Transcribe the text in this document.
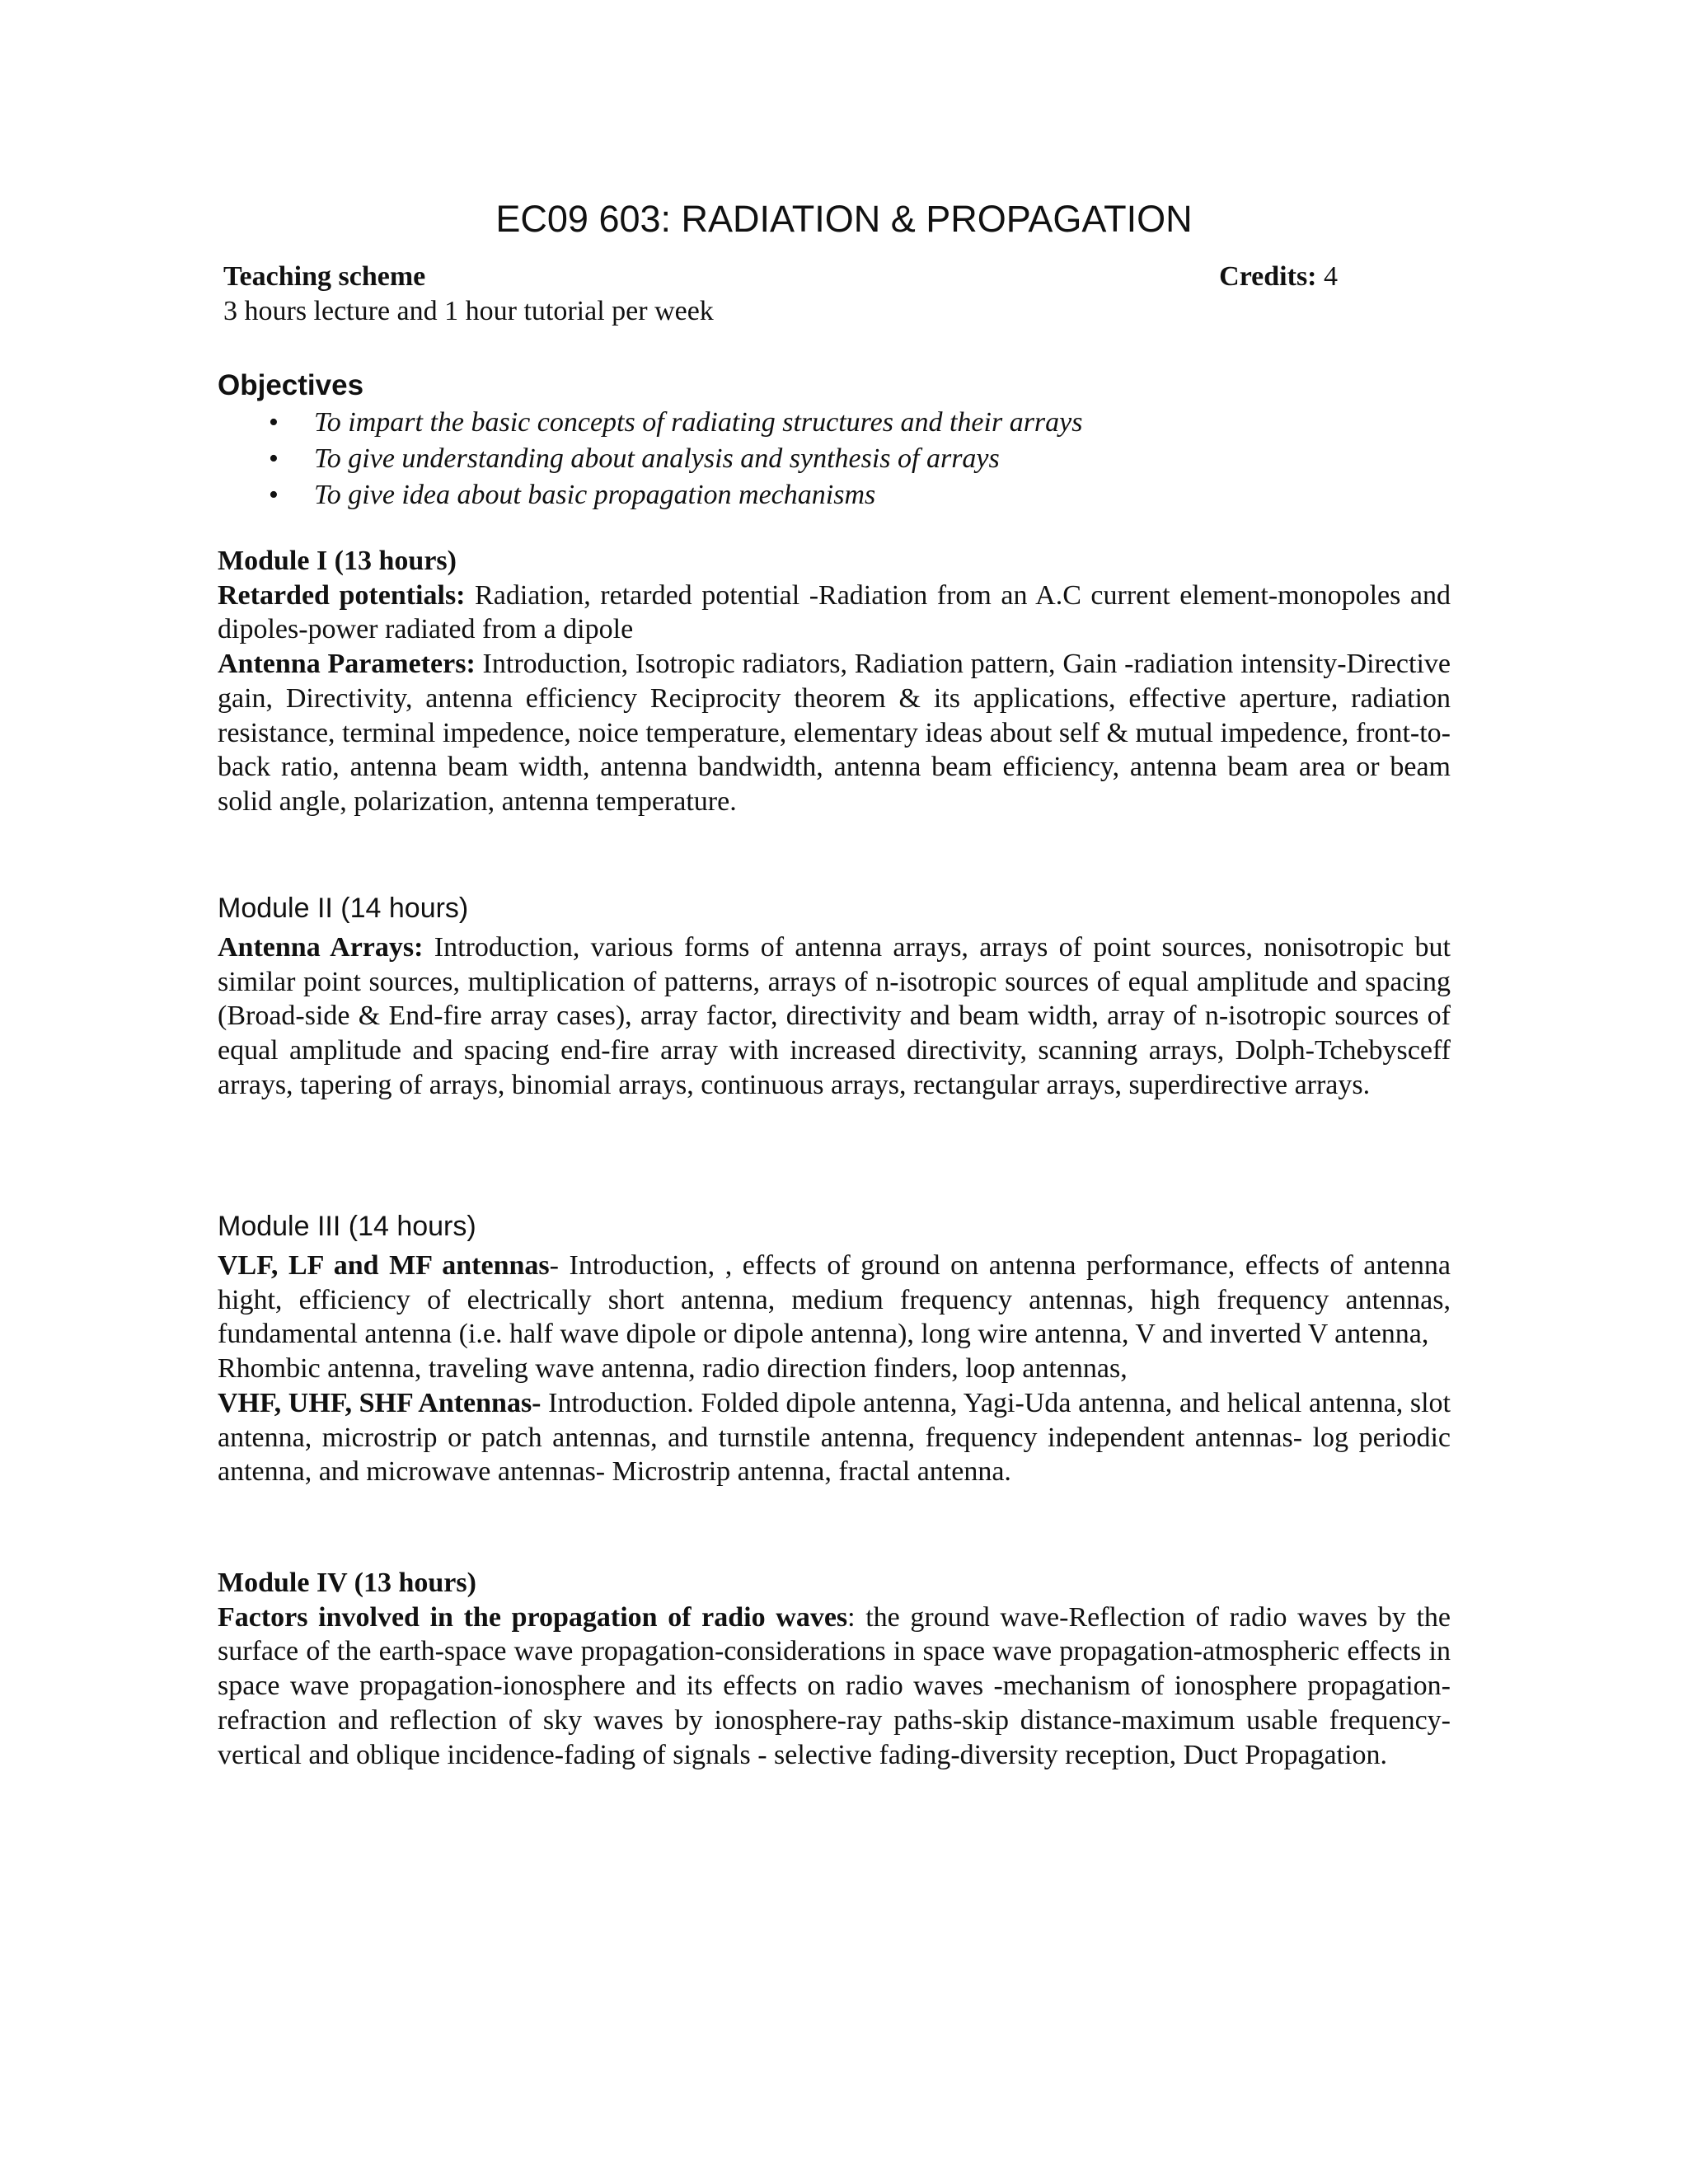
EC09 603: RADIATION & PROPAGATION
Teaching scheme	Credits: 4
3 hours lecture and 1 hour tutorial per week
Objectives
• To impart the basic concepts of radiating structures and their arrays
• To give understanding about analysis and synthesis of arrays
• To give idea about basic propagation mechanisms

Module I (13 hours)

Retarded potentials: Radiation, retarded potential -Radiation from an A.C current element-monopoles and dipoles-power radiated from a dipole

Antenna Parameters: Introduction, Isotropic radiators, Radiation pattern, Gain -radiation intensity-Directive gain, Directivity, antenna efficiency Reciprocity theorem & its applications, effective aperture, radiation resistance, terminal impedence, noice temperature, elementary ideas about self & mutual impedence, front-to-back ratio, antenna beam width, antenna bandwidth, antenna beam efficiency, antenna beam area or beam solid angle, polarization, antenna temperature.

Module II (14 hours)

Antenna Arrays: Introduction, various forms of antenna arrays, arrays of point sources, nonisotropic but similar point sources, multiplication of patterns, arrays of n-isotropic sources of equal amplitude and spacing (Broad-side & End-fire array cases), array factor, directivity and beam width, array of n-isotropic sources of equal amplitude and spacing end-fire array with increased directivity, scanning arrays, Dolph-Tchebysceff arrays, tapering of arrays, binomial arrays, continuous arrays, rectangular arrays, superdirective arrays.

Module III (14 hours)

VLF, LF and MF antennas- Introduction, , effects of ground on antenna performance, effects of antenna hight, efficiency of electrically short antenna, medium frequency antennas, high frequency antennas, fundamental antenna (i.e. half wave dipole or dipole antenna), long wire antenna, V and inverted V antenna,

Rhombic antenna, traveling wave antenna, radio direction finders, loop antennas,

VHF, UHF, SHF Antennas- Introduction. Folded dipole antenna, Yagi-Uda antenna, and helical antenna, slot antenna, microstrip or patch antennas, and turnstile antenna, frequency independent antennas- log periodic antenna, and microwave antennas- Microstrip antenna, fractal antenna.

Module IV (13 hours)

Factors involved in the propagation of radio waves: the ground wave-Reflection of radio waves by the surface of the earth-space wave propagation-considerations in space wave propagation-atmospheric effects in space wave propagation-ionosphere and its effects on radio waves -mechanism of ionosphere propagation-refraction and reflection of sky waves by ionosphere-ray paths-skip distance-maximum usable frequency-vertical and oblique incidence-fading of signals - selective fading-diversity reception, Duct Propagation.
